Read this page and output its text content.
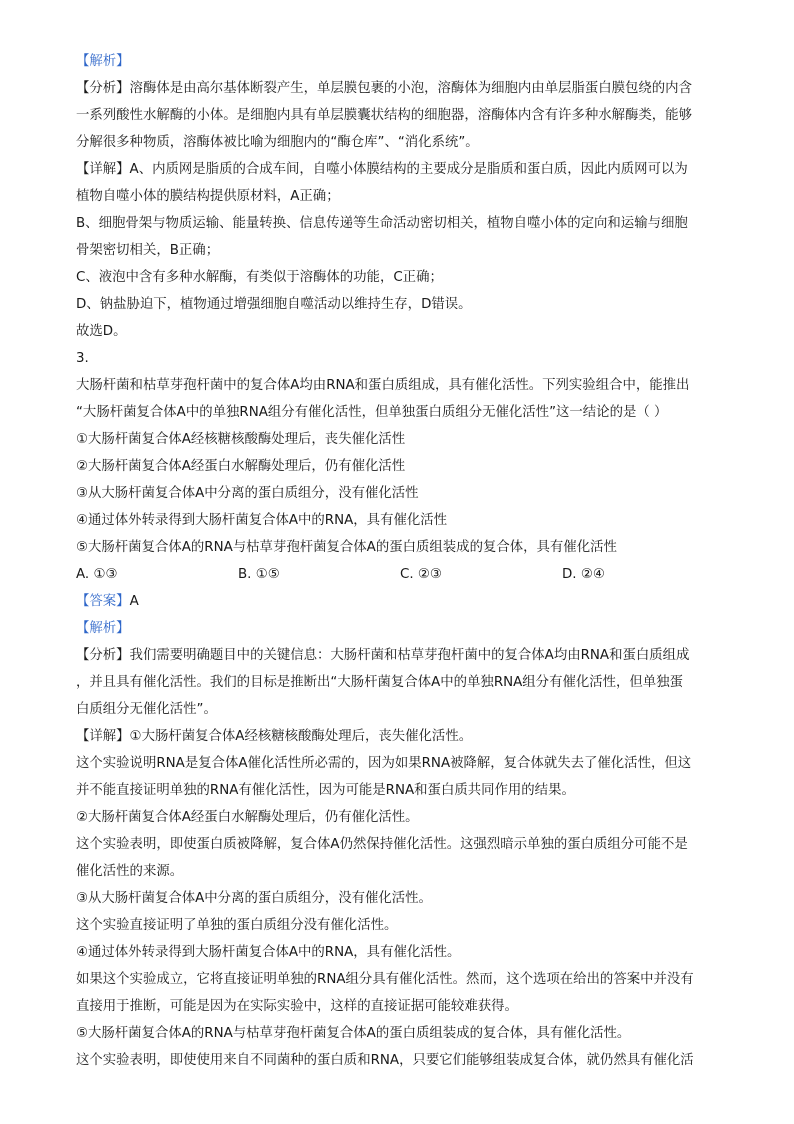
【解析】
【分析】溶酶体是由高尔基体断裂产生，单层膜包裹的小泡，溶酶体为细胞内由单层脂蛋白膜包绕的内含
一系列酸性水解酶的小体。是细胞内具有单层膜囊状结构的细胞器，溶酶体内含有许多种水解酶类，能够
分解很多种物质，溶酶体被比喻为细胞内的“酶仓库”、“消化系统”。
【详解】A、内质网是脂质的合成车间，自噬小体膜结构的主要成分是脂质和蛋白质，因此内质网可以为
植物自噬小体的膜结构提供原材料，A正确；
B、细胞骨架与物质运输、能量转换、信息传递等生命活动密切相关，植物自噬小体的定向和运输与细胞
骨架密切相关，B正确；
C、液泡中含有多种水解酶，有类似于溶酶体的功能，C正确；
D、钠盐胁迫下，植物通过增强细胞自噬活动以维持生存，D错误。
故选D。
3.
大肠杆菌和枯草芽孢杆菌中的复合体A均由RNA和蛋白质组成，具有催化活性。下列实验组合中，能推出
“大肠杆菌复合体A中的单独RNA组分有催化活性，但单独蛋白质组分无催化活性”这一结论的是（ ）
①大肠杆菌复合体A经核糖核酸酶处理后，丧失催化活性
②大肠杆菌复合体A经蛋白水解酶处理后，仍有催化活性
③从大肠杆菌复合体A中分离的蛋白质组分，没有催化活性
④通过体外转录得到大肠杆菌复合体A中的RNA，具有催化活性
⑤大肠杆菌复合体A的RNA与枯草芽孢杆菌复合体A的蛋白质组装成的复合体，具有催化活性
A. ①③	B. ①⑤	C. ②③	D. ②④
【答案】A
【解析】
【分析】我们需要明确题目中的关键信息：大肠杆菌和枯草芽孢杆菌中的复合体A均由RNA和蛋白质组成
，并且具有催化活性。我们的目标是推断出“大肠杆菌复合体A中的单独RNA组分有催化活性，但单独蛋
白质组分无催化活性”。
【详解】①大肠杆菌复合体A经核糖核酸酶处理后，丧失催化活性。
这个实验说明RNA是复合体A催化活性所必需的，因为如果RNA被降解，复合体就失去了催化活性，但这
并不能直接证明单独的RNA有催化活性，因为可能是RNA和蛋白质共同作用的结果。
②大肠杆菌复合体A经蛋白水解酶处理后，仍有催化活性。
这个实验表明，即使蛋白质被降解，复合体A仍然保持催化活性。这强烈暗示单独的蛋白质组分可能不是
催化活性的来源。
③从大肠杆菌复合体A中分离的蛋白质组分，没有催化活性。
这个实验直接证明了单独的蛋白质组分没有催化活性。
④通过体外转录得到大肠杆菌复合体A中的RNA，具有催化活性。
如果这个实验成立，它将直接证明单独的RNA组分具有催化活性。然而，这个选项在给出的答案中并没有
直接用于推断，可能是因为在实际实验中，这样的直接证据可能较难获得。
⑤大肠杆菌复合体A的RNA与枯草芽孢杆菌复合体A的蛋白质组装成的复合体，具有催化活性。
这个实验表明，即使使用来自不同菌种的蛋白质和RNA，只要它们能够组装成复合体，就仍然具有催化活
